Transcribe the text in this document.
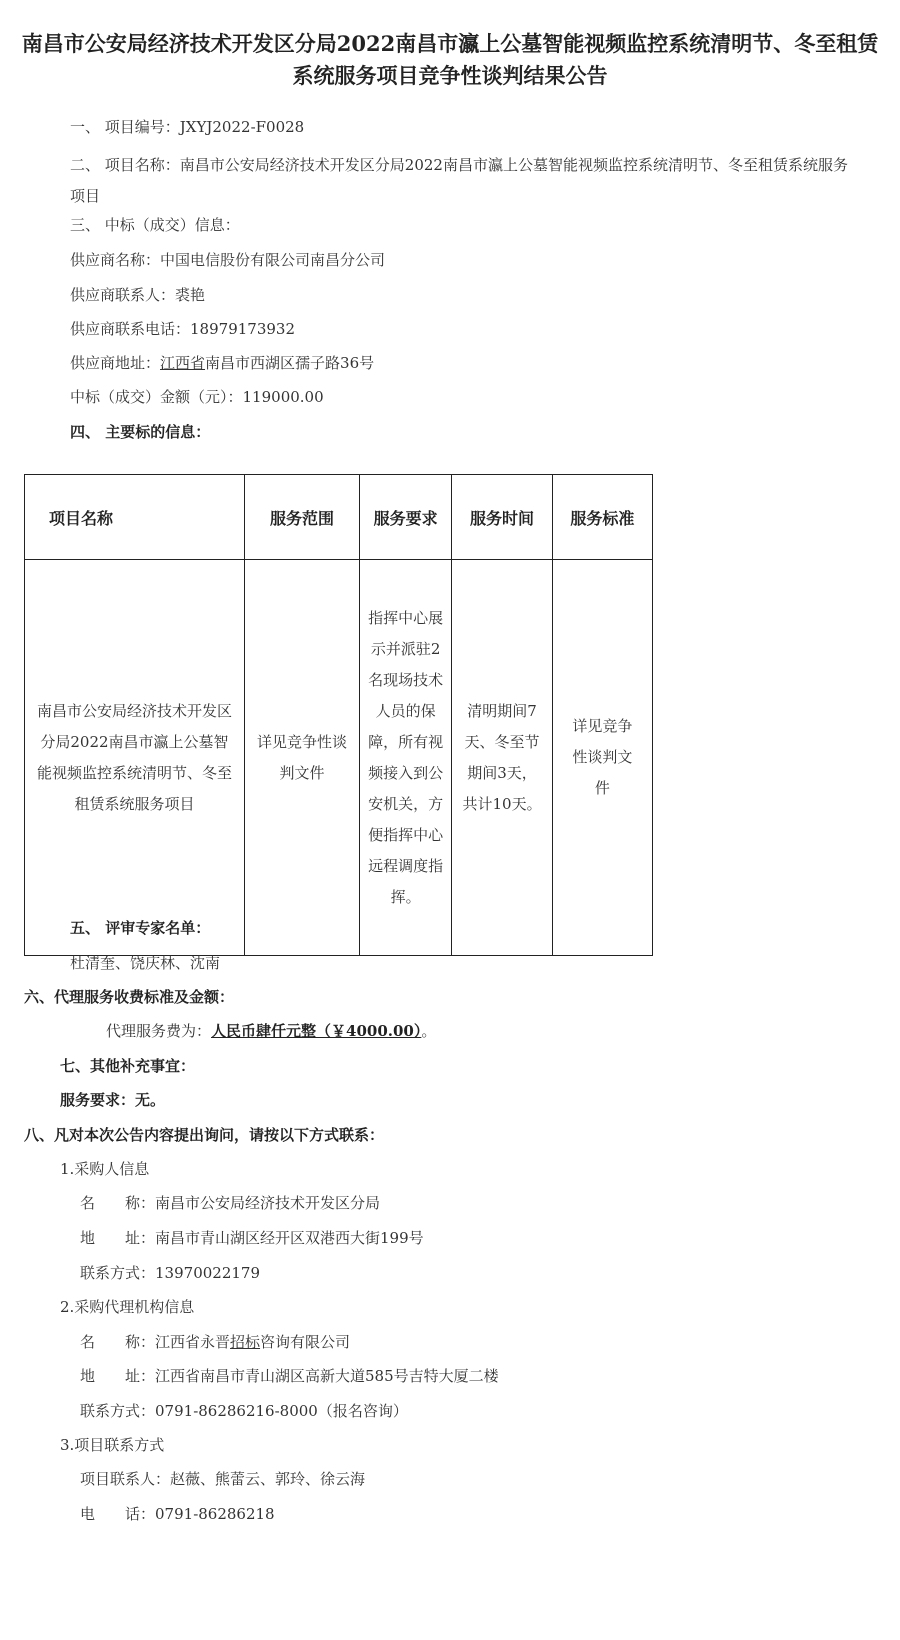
南昌市公安局经济技术开发区分局2022南昌市瀛上公墓智能视频监控系统清明节、冬至租赁系统服务项目竞争性谈判结果公告
一、 项目编号：JXYJ2022-F0028
二、 项目名称：南昌市公安局经济技术开发区分局2022南昌市瀛上公墓智能视频监控系统清明节、冬至租赁系统服务项目
三、 中标（成交）信息：
供应商名称：中国电信股份有限公司南昌分公司
供应商联系人：裘艳
供应商联系电话：18979173932
供应商地址：江西省南昌市西湖区孺子路36号
中标（成交）金额（元）：119000.00
四、 主要标的信息：
项目名称	服务范围	服务要求	服务时间	服务标准
南昌市公安局经济技术开发区分局2022南昌市瀛上公墓智能视频监控系统清明节、冬至租赁系统服务项目	详见竞争性谈判文件	指挥中心展示并派驻2名现场技术人员的保障，所有视频接入到公安机关，方便指挥中心远程调度指挥。	清明期间7天、冬至节期间3天，共计10天。	详见竞争性谈判文件
五、 评审专家名单：
杜清奎、饶庆林、沈南
六、代理服务收费标准及金额：
代理服务费为：人民币肆仟元整（￥4000.00）。
七、其他补充事宜：
服务要求：无。
八、凡对本次公告内容提出询问，请按以下方式联系：
1.采购人信息
名　　称：南昌市公安局经济技术开发区分局
地　　址：南昌市青山湖区经开区双港西大街199号
联系方式：13970022179
2.采购代理机构信息
名　　称：江西省永晋招标咨询有限公司
地　　址：江西省南昌市青山湖区高新大道585号吉特大厦二楼
联系方式：0791-86286216-8000（报名咨询）
3.项目联系方式
项目联系人：赵薇、熊蕾云、郭玲、徐云海
电　　话：0791-86286218
